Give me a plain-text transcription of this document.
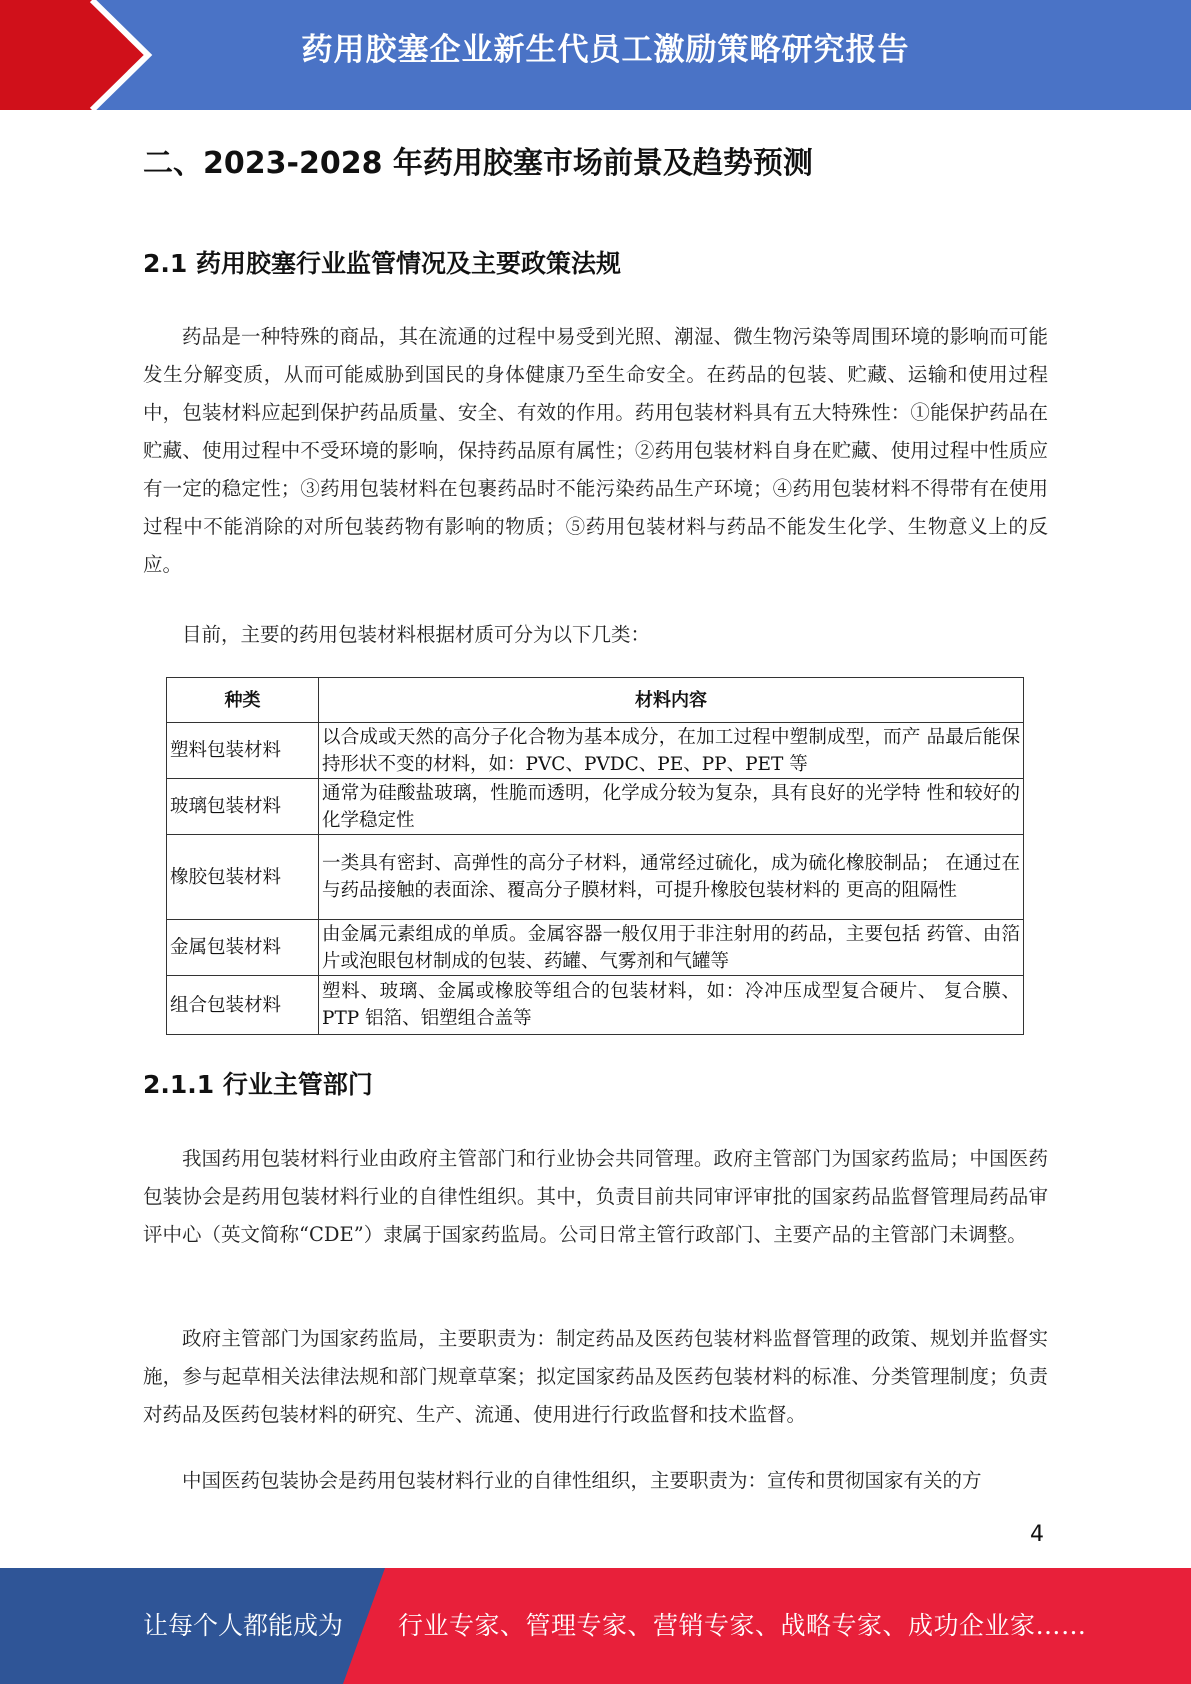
药用胶塞企业新生代员工激励策略研究报告
二、2023-2028 年药用胶塞市场前景及趋势预测
2.1 药用胶塞行业监管情况及主要政策法规

药品是一种特殊的商品，其在流通的过程中易受到光照、潮湿、微生物污染等周围环境的影响而可能发生分解变质，从而可能威胁到国民的身体健康乃至生命安全。在药品的包装、贮藏、运输和使用过程中，包装材料应起到保护药品质量、安全、有效的作用。药用包装材料具有五大特殊性：①能保护药品在贮藏、使用过程中不受环境的影响，保持药品原有属性；②药用包装材料自身在贮藏、使用过程中性质应有一定的稳定性；③药用包装材料在包裹药品时不能污染药品生产环境；④药用包装材料不得带有在使用过程中不能消除的对所包装药物有影响的物质；⑤药用包装材料与药品不能发生化学、生物意义上的反应。

目前，主要的药用包装材料根据材质可分为以下几类：

种类	材料内容
塑料包装材料	以合成或天然的高分子化合物为基本成分，在加工过程中塑制成型，而产 品最后能保持形状不变的材料，如：PVC、PVDC、PE、PP、PET 等
玻璃包装材料	通常为硅酸盐玻璃，性脆而透明，化学成分较为复杂，具有良好的光学特 性和较好的化学稳定性
橡胶包装材料	一类具有密封、高弹性的高分子材料，通常经过硫化，成为硫化橡胶制品； 在通过在与药品接触的表面涂、覆高分子膜材料，可提升橡胶包装材料的 更高的阻隔性
金属包装材料	由金属元素组成的单质。金属容器一般仅用于非注射用的药品，主要包括 药管、由箔片或泡眼包材制成的包装、药罐、气雾剂和气罐等
组合包装材料	塑料、玻璃、金属或橡胶等组合的包装材料，如：冷冲压成型复合硬片、 复合膜、PTP 铝箔、铝塑组合盖等
2.1.1 行业主管部门

我国药用包装材料行业由政府主管部门和行业协会共同管理。政府主管部门为国家药监局；中国医药包装协会是药用包装材料行业的自律性组织。其中，负责目前共同审评审批的国家药品监督管理局药品审评中心（英文简称“CDE”）隶属于国家药监局。公司日常主管行政部门、主要产品的主管部门未调整。

政府主管部门为国家药监局，主要职责为：制定药品及医药包装材料监督管理的政策、规划并监督实施，参与起草相关法律法规和部门规章草案；拟定国家药品及医药包装材料的标准、分类管理制度；负责对药品及医药包装材料的研究、生产、流通、使用进行行政监督和技术监督。

中国医药包装协会是药用包装材料行业的自律性组织，主要职责为：宣传和贯彻国家有关的方

4
让每个人都能成为 行业专家、管理专家、营销专家、战略专家、成功企业家……
